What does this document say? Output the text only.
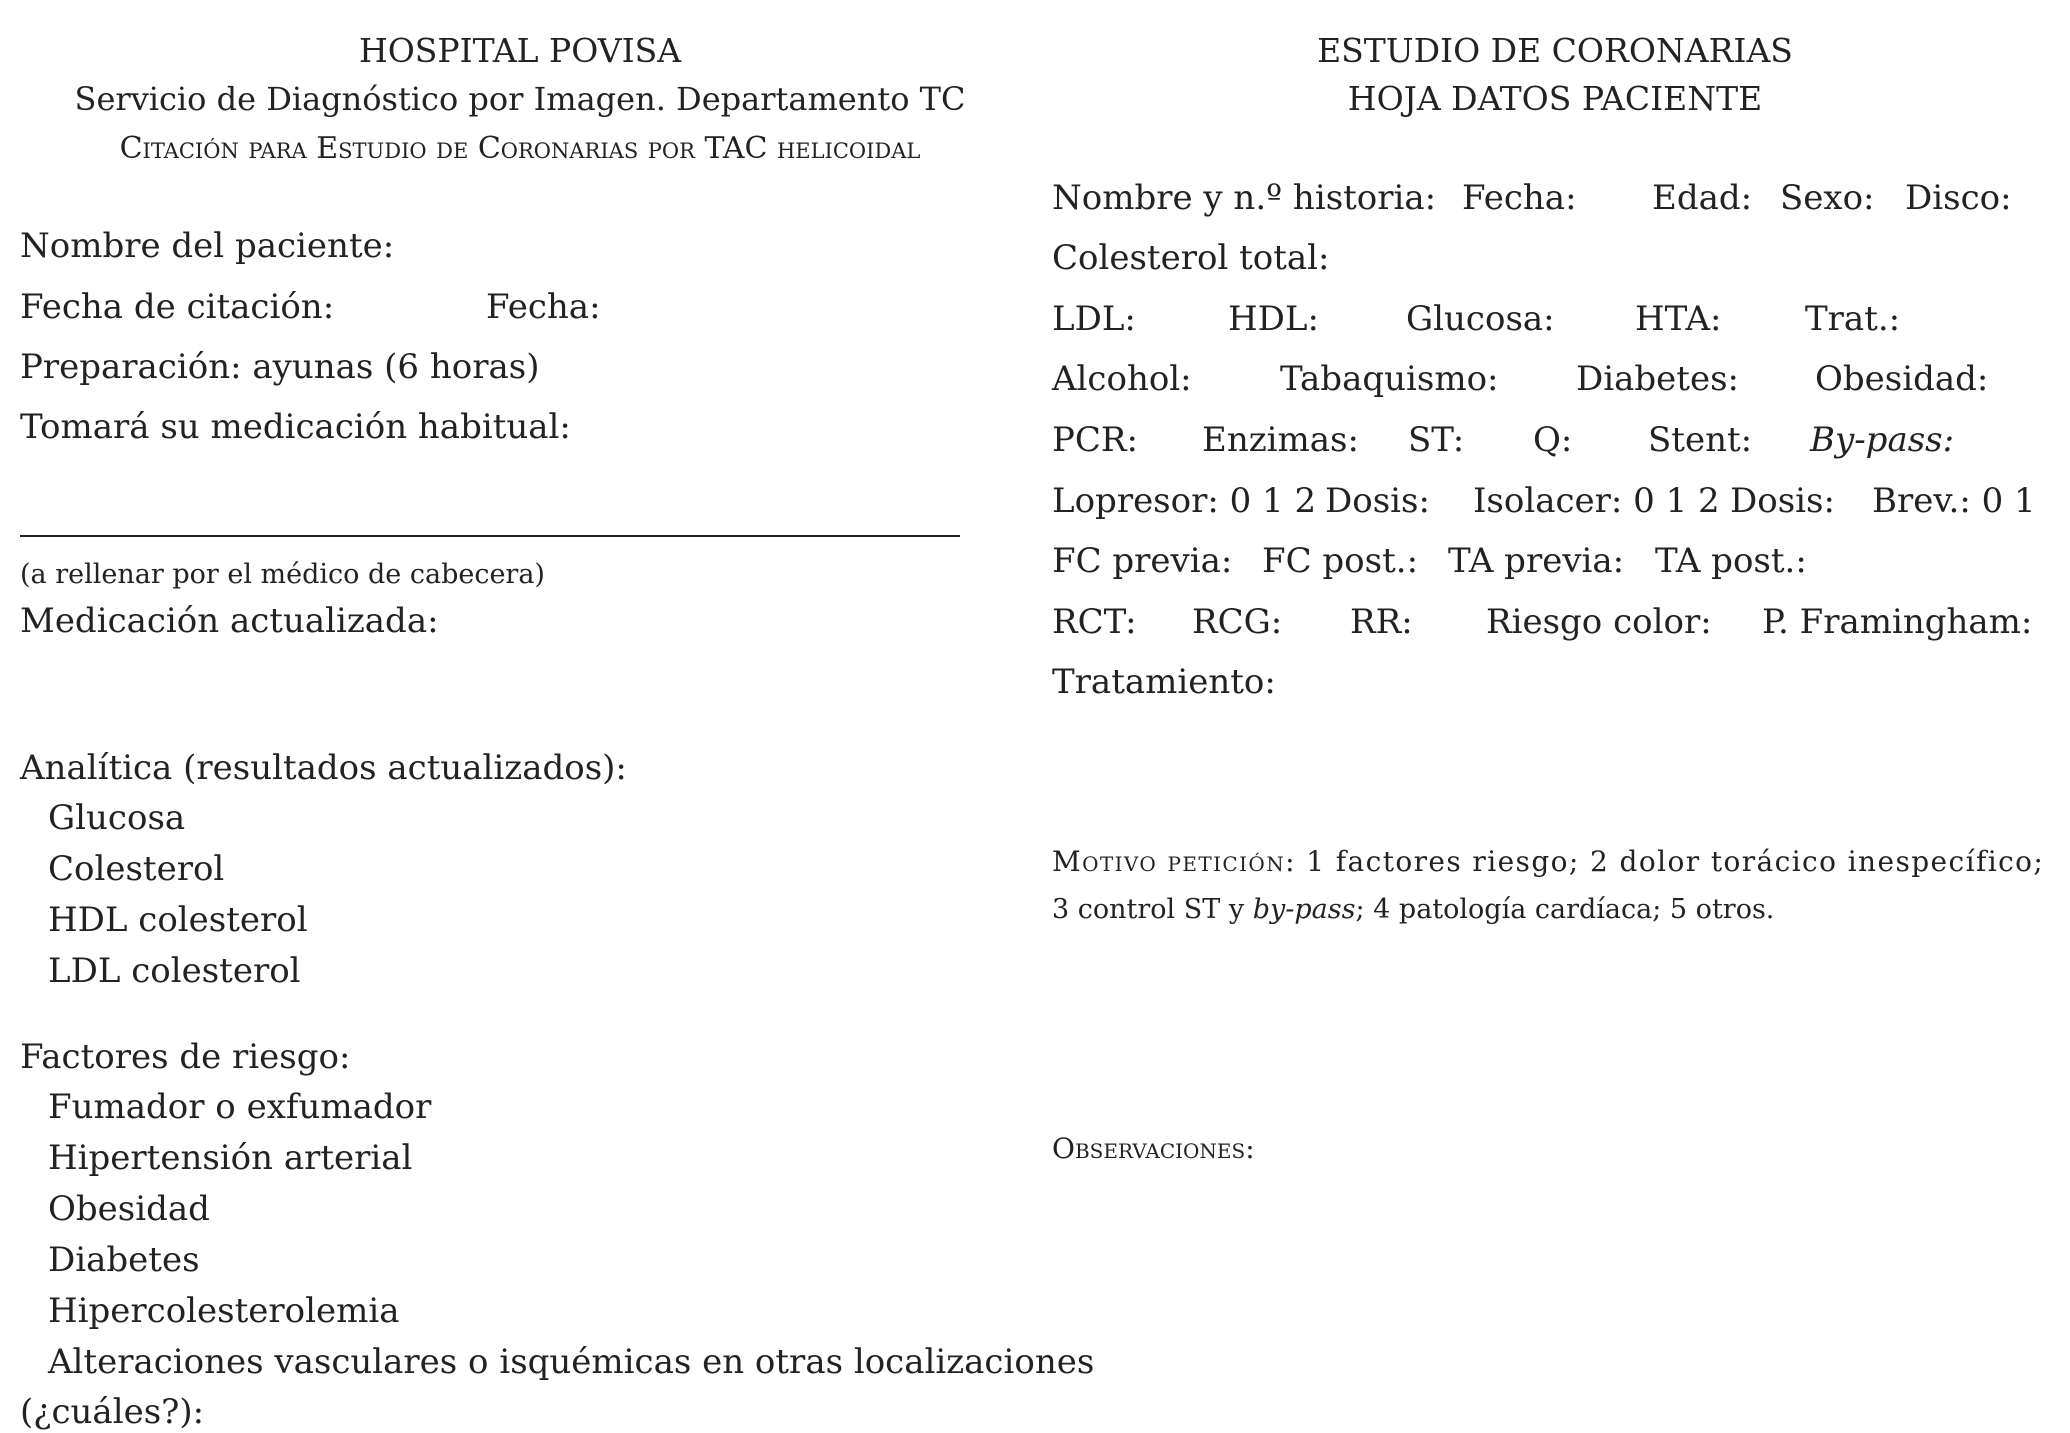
HOSPITAL POVISA
Servicio de Diagnóstico por Imagen. Departamento TC
Citación para Estudio de Coronarias por TAC helicoidal
Nombre del paciente:
Fecha de citación:	Fecha:
Preparación: ayunas (6 horas)
Tomará su medicación habitual:
(a rellenar por el médico de cabecera)
Medicación actualizada:
Analítica (resultados actualizados):
Glucosa
Colesterol
HDL colesterol
LDL colesterol
Factores de riesgo:
Fumador o exfumador
Hipertensión arterial
Obesidad
Diabetes
Hipercolesterolemia
Alteraciones vasculares o isquémicas en otras localizaciones
(¿cuáles?):
ESTUDIO DE CORONARIAS
HOJA DATOS PACIENTE
Nombre y n.º historia: Fecha: Edad: Sexo: Disco:
Colesterol total:
LDL:	HDL:	Glucosa: HTA: Trat.:
Alcohol:	Tabaquismo: Diabetes: Obesidad:
PCR: Enzimas: ST: Q: Stent: By-pass:
Lopresor: 0 1 2 Dosis: Isolacer: 0 1 2 Dosis: Brev.: 0 1
FC previa: FC post.: TA previa: TA post.:
RCT: RCG: RR: Riesgo color: P. Framingham:
Tratamiento:
Motivo petición: 1 factores riesgo; 2 dolor torácico inespecífico;
3 control ST y by-pass; 4 patología cardíaca; 5 otros.
Observaciones:
